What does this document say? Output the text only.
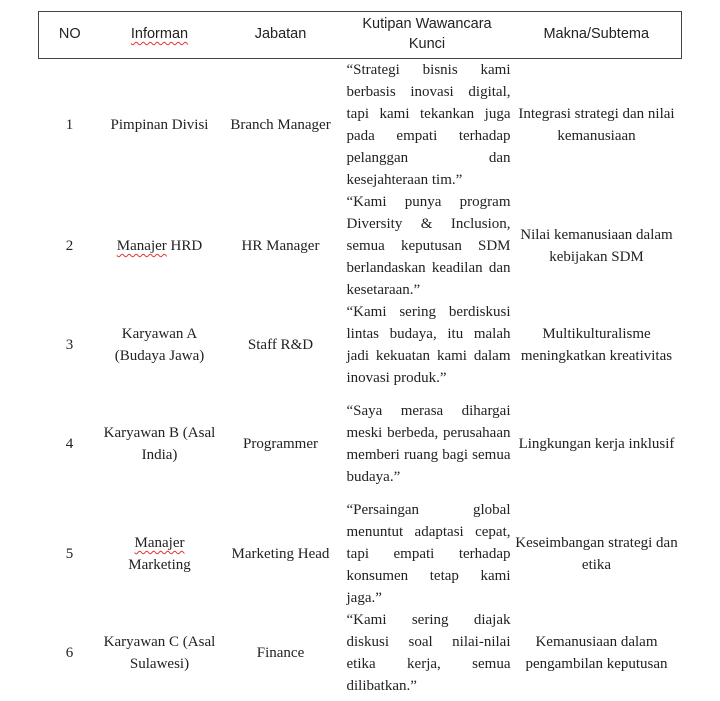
NO	Informan	Jabatan	Kutipan Wawancara Kunci	Makna/Subtema
1	Pimpinan Divisi	Branch Manager	“Strategi bisnis kami berbasis inovasi digital, tapi kami tekankan juga pada empati terhadap pelanggan dan kesejahteraan tim.”	Integrasi strategi dan nilai kemanusiaan
2	Manajer HRD	HR Manager	“Kami punya program Diversity & Inclusion, semua keputusan SDM berlandaskan keadilan dan kesetaraan.”	Nilai kemanusiaan dalam kebijakan SDM
3	Karyawan A (Budaya Jawa)	Staff R&D	“Kami sering berdiskusi lintas budaya, itu malah jadi kekuatan kami dalam inovasi produk.”	Multikulturalisme meningkatkan kreativitas
4	Karyawan B (Asal India)	Programmer	“Saya merasa dihargai meski berbeda, perusahaan memberi ruang bagi semua budaya.”	Lingkungan kerja inklusif
5	Manajer Marketing	Marketing Head	“Persaingan global menuntut adaptasi cepat, tapi empati terhadap konsumen tetap kami jaga.”	Keseimbangan strategi dan etika
6	Karyawan C (Asal Sulawesi)	Finance	“Kami sering diajak diskusi soal nilai-nilai etika kerja, semua dilibatkan.”	Kemanusiaan dalam pengambilan keputusan
